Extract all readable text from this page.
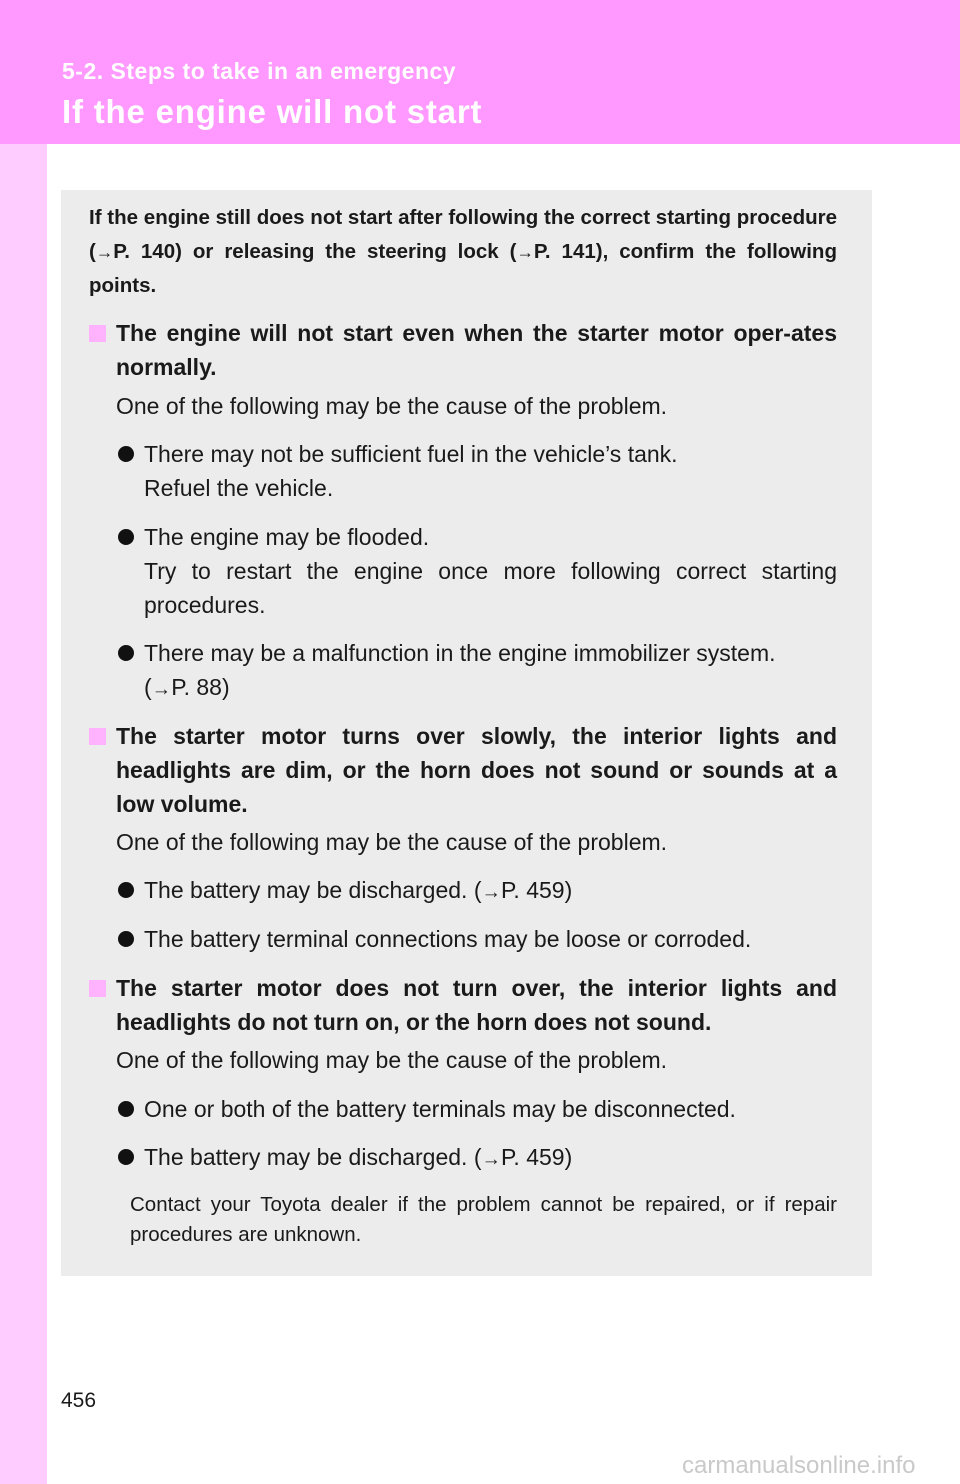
5-2. Steps to take in an emergency
If the engine will not start
If the engine still does not start after following the correct starting procedure (→P. 140) or releasing the steering lock (→P. 141), confirm the following points.
The engine will not start even when the starter motor oper-ates normally.
One of the following may be the cause of the problem.
There may not be sufficient fuel in the vehicle’s tank.
Refuel the vehicle.
The engine may be flooded.
Try to restart the engine once more following correct starting procedures.
There may be a malfunction in the engine immobilizer system.
(→P. 88)
The starter motor turns over slowly, the interior lights and headlights are dim, or the horn does not sound or sounds at a low volume.
One of the following may be the cause of the problem.
The battery may be discharged. (→P. 459)
The battery terminal connections may be loose or corroded.
The starter motor does not turn over, the interior lights and headlights do not turn on, or the horn does not sound.
One of the following may be the cause of the problem.
One or both of the battery terminals may be disconnected.
The battery may be discharged. (→P. 459)
Contact your Toyota dealer if the problem cannot be repaired, or if repair procedures are unknown.
456
carmanualsonline.info
